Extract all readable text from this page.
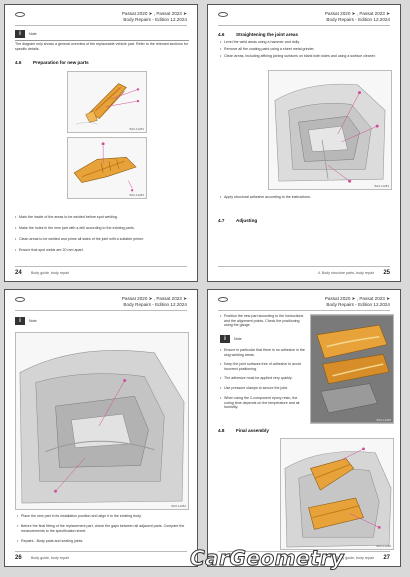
Passat 2020 ➤ , Passat 2023 ➤
Body Repairs - Edition 12.2024
i	Note
The diagram only shows a general overview of the replaceable vehicle part. Refer to the relevant sections for specific details.
4.6	Preparation for new parts
B20-11281
B20-11282
• Mark the inside of the areas to be welded before spot welding.
• Make the holes in the new part with a drill according to the existing parts.
• Clean areas to be welded and prime all sides of the joint with a suitable primer.
• Ensure that spot welds are 20 mm apart.
24	Body guide, body repair
Passat 2020 ➤ , Passat 2023 ➤
Body Repairs - Edition 12.2024
4.6	Straightening the joint areas
• Level the weld areas using a hammer and dolly.
• Remove all the coating paint using a sheet metal grinder.
• Clean areas, including affixing joining surfaces on blank both sides and using a surface cleaner.
B20-11283
• Apply structural adhesive according to the instructions.
4.7	Adjusting
4. Body structure parts, body repair 25
Passat 2020 ➤ , Passat 2023 ➤
Body Repairs - Edition 12.2024
i	Note
B20-11284
• Place the new part in its installation position and align it to the existing body.
• Before the final fitting of the replacement part, check the gaps between all adjacent parts. Compare the measurements to the specification sheet.
• Repairs - Body pads and sealing joints.
26	Body guide, body repair
Passat 2020 ➤ , Passat 2023 ➤
Body Repairs - Edition 12.2024
• Position the new part according to the instructions and the alignment points. Check the positioning using the gauge.
i	Note
• Ensure in particular that there is no adhesive in the slug welding areas.
• Keep the joint surfaces free of adhesive to avoid incorrect positioning.
• The adhesive must be applied very quickly.
• Use pressure clamps to secure the joint.
• When using the 2-component epoxy resin, the curing time depends on the temperature and air humidity.
B20-11285
4.8	Final assembly
B20-11286
Body guide, body repair 27
CarGeometry
